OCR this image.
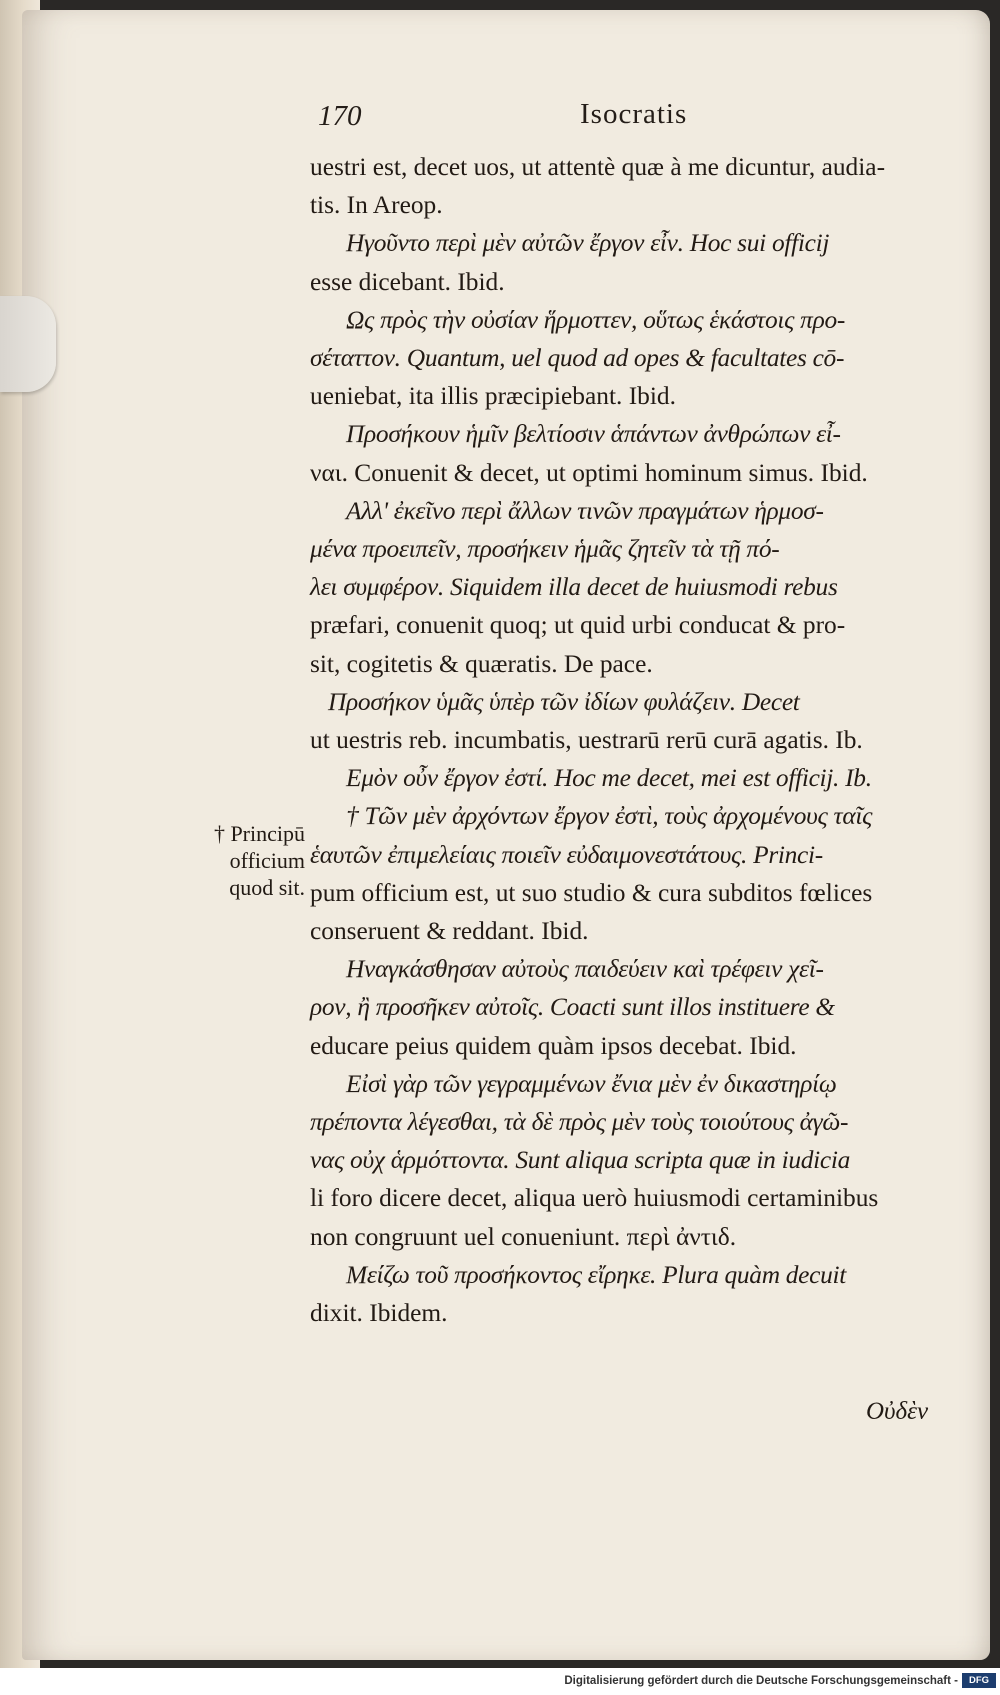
170	Isocratis
uestri est, decet uos, ut attentè quæ à me dicuntur, audia-
tis. In Areop.
Ηγοῦντο περὶ μὲν αὐτῶν ἔργον εἶν. Hoc sui officij
esse dicebant. Ibid.
Ως πρὸς τὴν οὐσίαν ἥρμοττεν, οὕτως ἑκάστοις προ-
σέταττον. Quantum, uel quod ad opes & facultates cō-
ueniebat, ita illis præcipiebant. Ibid.
Προσήκουν ἡμῖν βελτίοσιν ἁπάντων ἀνθρώπων εἶ-
ναι. Conuenit & decet, ut optimi hominum simus. Ibid.
Αλλ' ἐκεῖνο περὶ ἄλλων τινῶν πραγμάτων ἡρμοσ-
μένα προειπεῖν, προσήκειν ἡμᾶς ζητεῖν τὰ τῇ πό-
λει συμφέρον. Siquidem illa decet de huiusmodi rebus
præfari, conuenit quoq; ut quid urbi conducat & pro-
sit, cogitetis & quæratis. De pace.
Προσήκον ὑμᾶς ὑπὲρ τῶν ἰδίων φυλάζειν. Decet
ut uestris reb. incumbatis, uestrarū rerū curā agatis. Ib.
Εμὸν οὖν ἔργον ἐστί. Hoc me decet, mei est officij. Ib.
† Τῶν μὲν ἀρχόντων ἔργον ἐστὶ, τοὺς ἀρχομένους ταῖς
ἑαυτῶν ἐπιμελείαις ποιεῖν εὐδαιμονεστάτους. Princi-
pum officium est, ut suo studio & cura subditos fœlices
conseruent & reddant. Ibid.
Ηναγκάσθησαν αὐτοὺς παιδεύειν καὶ τρέφειν χεῖ-
ρον, ἢ προσῆκεν αὐτοῖς. Coacti sunt illos instituere &
educare peius quidem quàm ipsos decebat. Ibid.
Εἰσὶ γὰρ τῶν γεγραμμένων ἔνια μὲν ἐν δικαστηρίῳ
πρέποντα λέγεσθαι, τὰ δὲ πρὸς μὲν τοὺς τοιούτους ἀγῶ-
νας οὐχ ἁρμόττοντα. Sunt aliqua scripta quæ in iudicia
li foro dicere decet, aliqua uerò huiusmodi certaminibus
non congruunt uel conueniunt. περὶ ἀντιδ.
Μείζω τοῦ προσήκοντος εἴρηκε. Plura quàm decuit
dixit. Ibidem.
† Principū
officium
quod sit.
Οὐδὲν
Digitalisierung gefördert durch die Deutsche Forschungsgemeinschaft -	DFG
